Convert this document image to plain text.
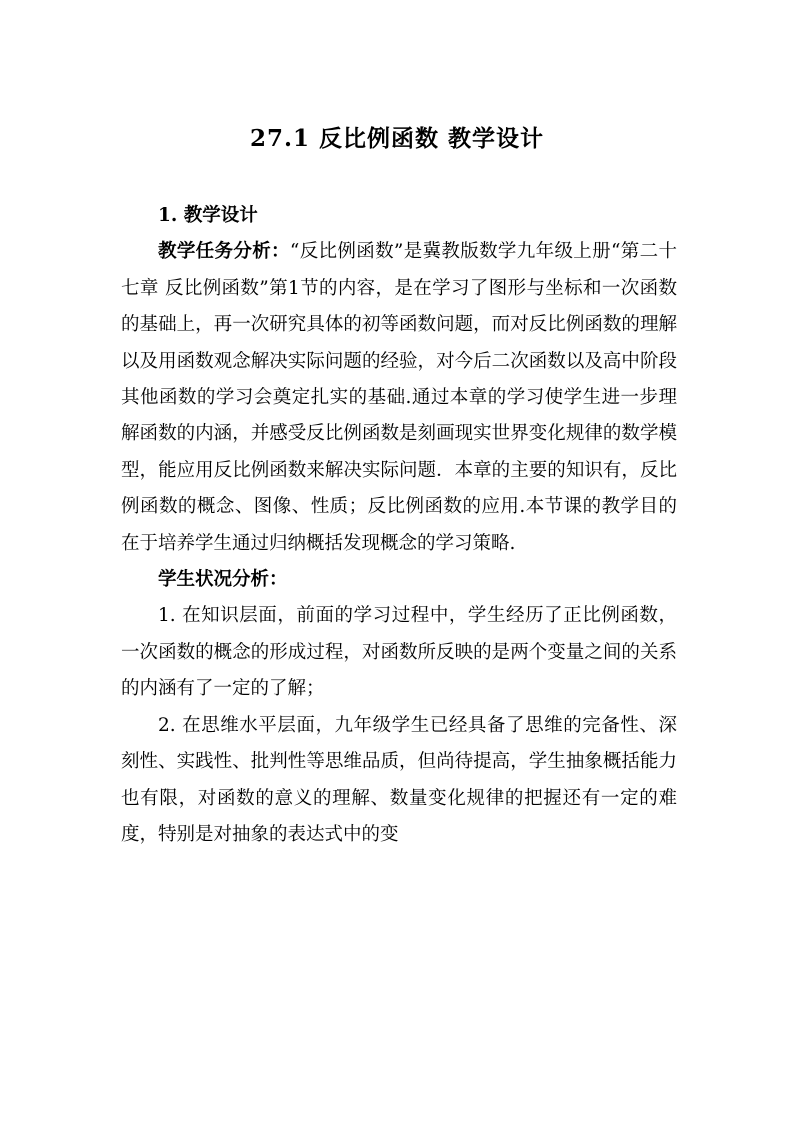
27.1 反比例函数 教学设计

1. 教学设计

教学任务分析：“反比例函数”是冀教版数学九年级上册“第二十七章 反比例函数”第1节的内容，是在学习了图形与坐标和一次函数的基础上，再一次研究具体的初等函数问题，而对反比例函数的理解以及用函数观念解决实际问题的经验，对今后二次函数以及高中阶段其他函数的学习会奠定扎实的基础.通过本章的学习使学生进一步理解函数的内涵，并感受反比例函数是刻画现实世界变化规律的数学模型，能应用反比例函数来解决实际问题．本章的主要的知识有，反比例函数的概念、图像、性质；反比例函数的应用.本节课的教学目的在于培养学生通过归纳概括发现概念的学习策略.

学生状况分析：

1. 在知识层面，前面的学习过程中，学生经历了正比例函数，一次函数的概念的形成过程，对函数所反映的是两个变量之间的关系的内涵有了一定的了解；

2. 在思维水平层面，九年级学生已经具备了思维的完备性、深刻性、实践性、批判性等思维品质，但尚待提高，学生抽象概括能力也有限，对函数的意义的理解、数量变化规律的把握还有一定的难度，特别是对抽象的表达式中的变
